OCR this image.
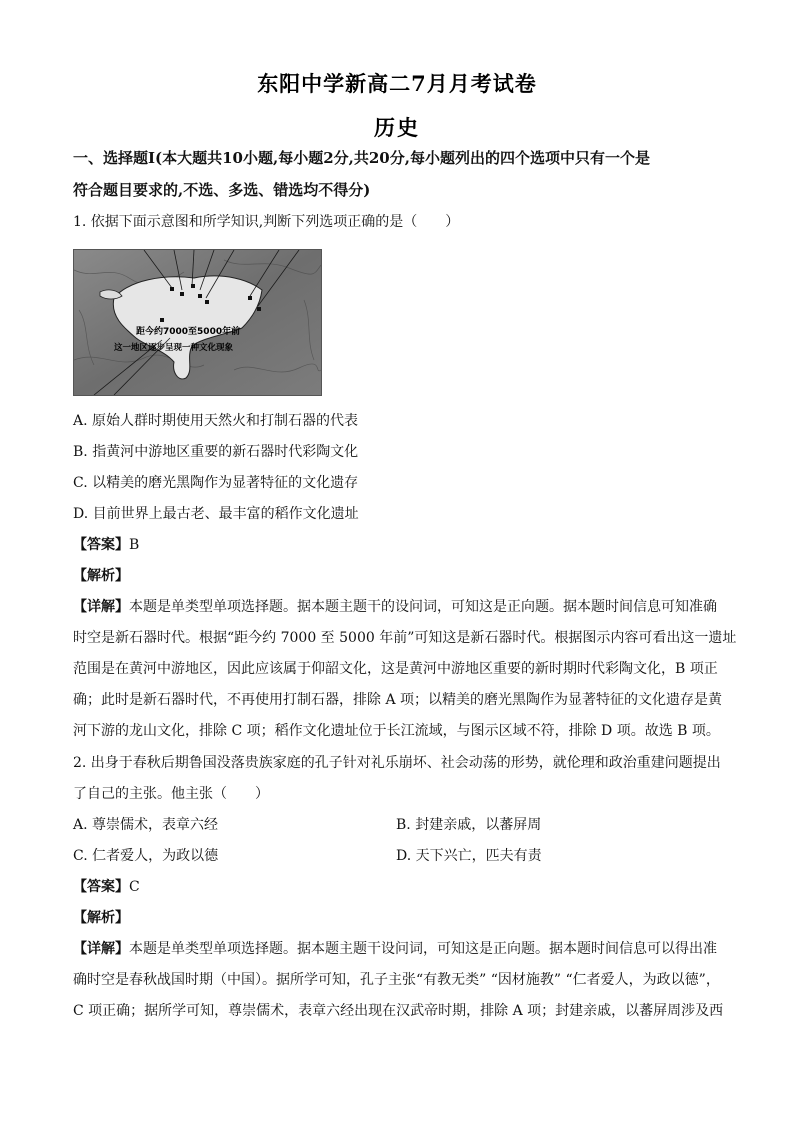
东阳中学新高二7月月考试卷
历史
一、选择题Ⅰ(本大题共10小题,每小题2分,共20分,每小题列出的四个选项中只有一个是
符合题目要求的,不选、多选、错选均不得分)
1. 依据下面示意图和所学知识,判断下列选项正确的是（　　）
距今约7000至5000年前
这一地区逐步呈现一种文化现象
A. 原始人群时期使用天然火和打制石器的代表
B. 指黄河中游地区重要的新石器时代彩陶文化
C. 以精美的磨光黑陶作为显著特征的文化遗存
D. 目前世界上最古老、最丰富的稻作文化遗址
【答案】B
【解析】
【详解】本题是单类型单项选择题。据本题主题干的设问词，可知这是正向题。据本题时间信息可知准确
时空是新石器时代。根据“距今约 7000 至 5000 年前”可知这是新石器时代。根据图示内容可看出这一遗址
范围是在黄河中游地区，因此应该属于仰韶文化，这是黄河中游地区重要的新时期时代彩陶文化，B 项正
确；此时是新石器时代，不再使用打制石器，排除 A 项；以精美的磨光黑陶作为显著特征的文化遗存是黄
河下游的龙山文化，排除 C 项；稻作文化遗址位于长江流域，与图示区域不符，排除 D 项。故选 B 项。
2. 出身于春秋后期鲁国没落贵族家庭的孔子针对礼乐崩坏、社会动荡的形势，就伦理和政治重建问题提出
了自己的主张。他主张（　　）
A. 尊崇儒术，表章六经	B. 封建亲戚，以蕃屏周
C. 仁者爱人，为政以德	D. 天下兴亡，匹夫有责
【答案】C
【解析】
【详解】本题是单类型单项选择题。据本题主题干设问词，可知这是正向题。据本题时间信息可以得出准
确时空是春秋战国时期（中国）。据所学可知，孔子主张“有教无类” “因材施教” “仁者爱人，为政以德”，
C 项正确；据所学可知，尊崇儒术，表章六经出现在汉武帝时期，排除 A 项；封建亲戚，以蕃屏周涉及西
